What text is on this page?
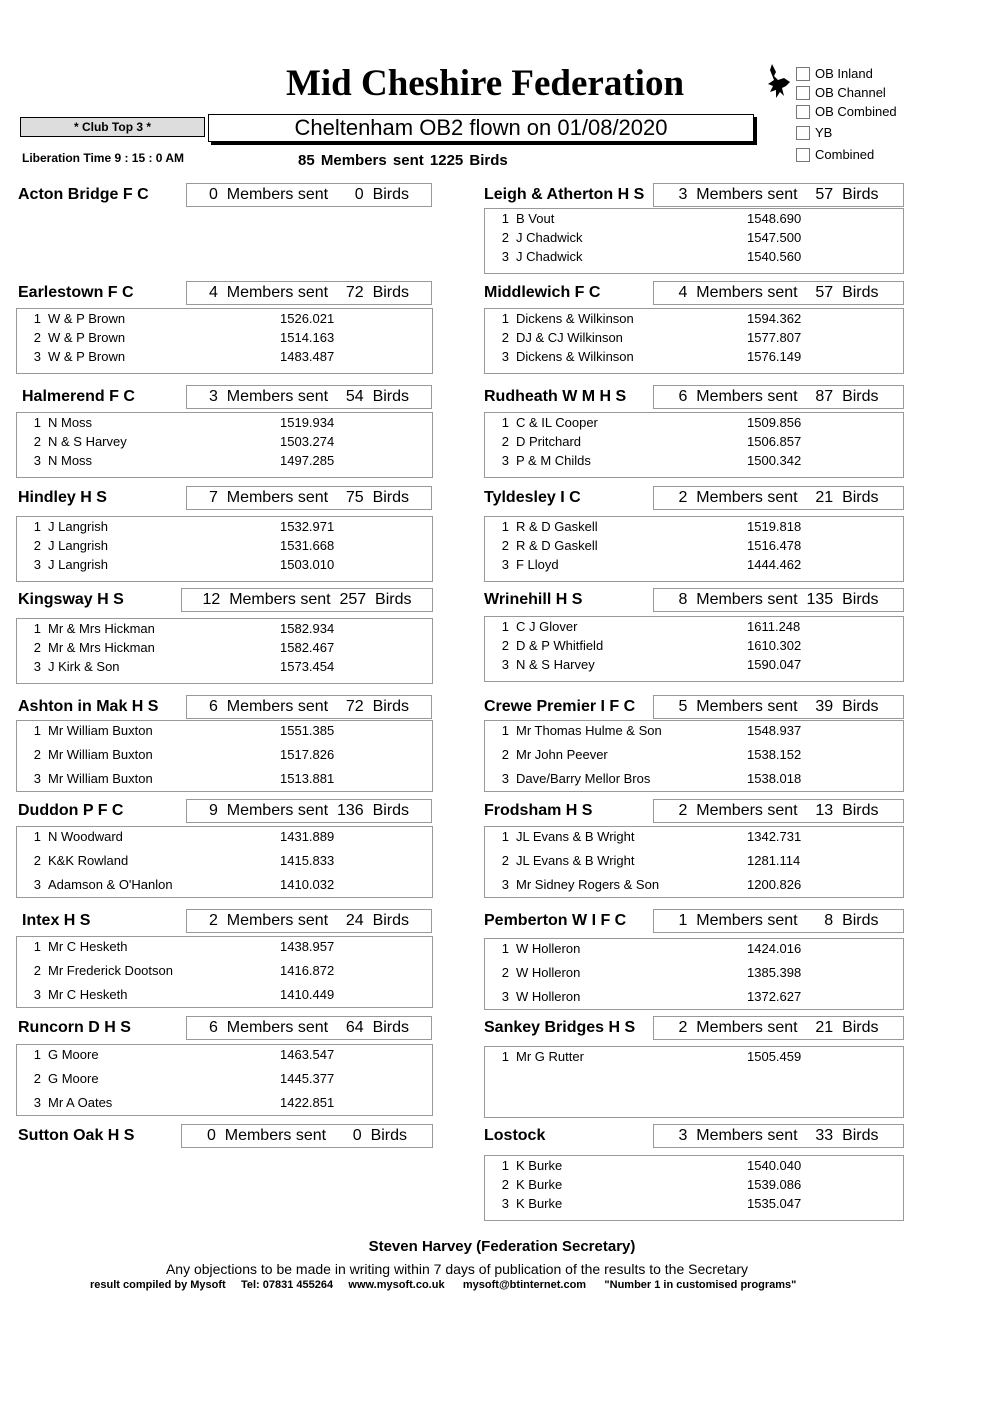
Mid Cheshire Federation	OB Inland
OB Channel
OB Combined
YB
Combined
* Club Top 3 *	Cheltenham OB2 flown on 01/08/2020
Liberation Time 9 : 15 : 0 AM	85 Members sent 1225 Birds
Acton Bridge F C	0  Members sent      0  Birds
Earlestown F C	4  Members sent    72  Birds
1 W & P Brown	1526.021
2 W & P Brown	1514.163
3 W & P Brown	1483.487
Halmerend F C	3  Members sent    54  Birds
1 N Moss	1519.934
2 N & S Harvey	1503.274
3 N Moss	1497.285
Hindley H S	7  Members sent    75  Birds
1 J Langrish	1532.971
2 J Langrish	1531.668
3 J Langrish	1503.010
Kingsway H S	12  Members sent  257  Birds
1 Mr & Mrs Hickman	1582.934
2 Mr & Mrs Hickman	1582.467
3 J Kirk & Son	1573.454
Ashton in Mak H S	6  Members sent    72  Birds
1 Mr William Buxton	1551.385
2 Mr William Buxton	1517.826
3 Mr William Buxton	1513.881
Duddon P F C	9  Members sent  136  Birds
1 N Woodward	1431.889
2 K&K Rowland	1415.833
3 Adamson & O'Hanlon	1410.032
Intex H S	2  Members sent    24  Birds
1 Mr C Hesketh	1438.957
2 Mr Frederick Dootson	1416.872
3 Mr C Hesketh	1410.449
Runcorn D H S	6  Members sent    64  Birds
1 G Moore	1463.547
2 G Moore	1445.377
3 Mr A Oates	1422.851
Sutton Oak H S	0  Members sent      0  Birds
Leigh & Atherton H S	3  Members sent    57  Birds
1 B Vout	1548.690
2 J Chadwick	1547.500
3 J Chadwick	1540.560
Middlewich F C	4  Members sent    57  Birds
1 Dickens & Wilkinson	1594.362
2 DJ & CJ Wilkinson	1577.807
3 Dickens & Wilkinson	1576.149
Rudheath W M H S	6  Members sent    87  Birds
1 C & IL Cooper	1509.856
2 D Pritchard	1506.857
3 P & M Childs	1500.342
Tyldesley I C	2  Members sent    21  Birds
1 R & D Gaskell	1519.818
2 R & D Gaskell	1516.478
3 F Lloyd	1444.462
Wrinehill H S	8  Members sent  135  Birds
1 C J Glover	1611.248
2 D & P Whitfield	1610.302
3 N & S Harvey	1590.047
Crewe Premier I F C	5  Members sent    39  Birds
1 Mr Thomas Hulme & Son	1548.937
2 Mr John Peever	1538.152
3 Dave/Barry Mellor Bros	1538.018
Frodsham H S	2  Members sent    13  Birds
1 JL Evans & B Wright	1342.731
2 JL Evans & B Wright	1281.114
3 Mr Sidney Rogers & Son	1200.826
Pemberton W I F C	1  Members sent      8  Birds
1 W Holleron	1424.016
2 W Holleron	1385.398
3 W Holleron	1372.627
Sankey Bridges H S	2  Members sent    21  Birds
1 Mr G Rutter	1505.459
Lostock	3  Members sent    33  Birds
1 K Burke	1540.040
2 K Burke	1539.086
3 K Burke	1535.047
Steven Harvey (Federation Secretary)
Any objections to be made in writing within 7 days of publication of the results to the Secretary
result compiled by Mysoft     Tel: 07831 455264     www.mysoft.co.uk      mysoft@btinternet.com      "Number 1 in customised programs"
